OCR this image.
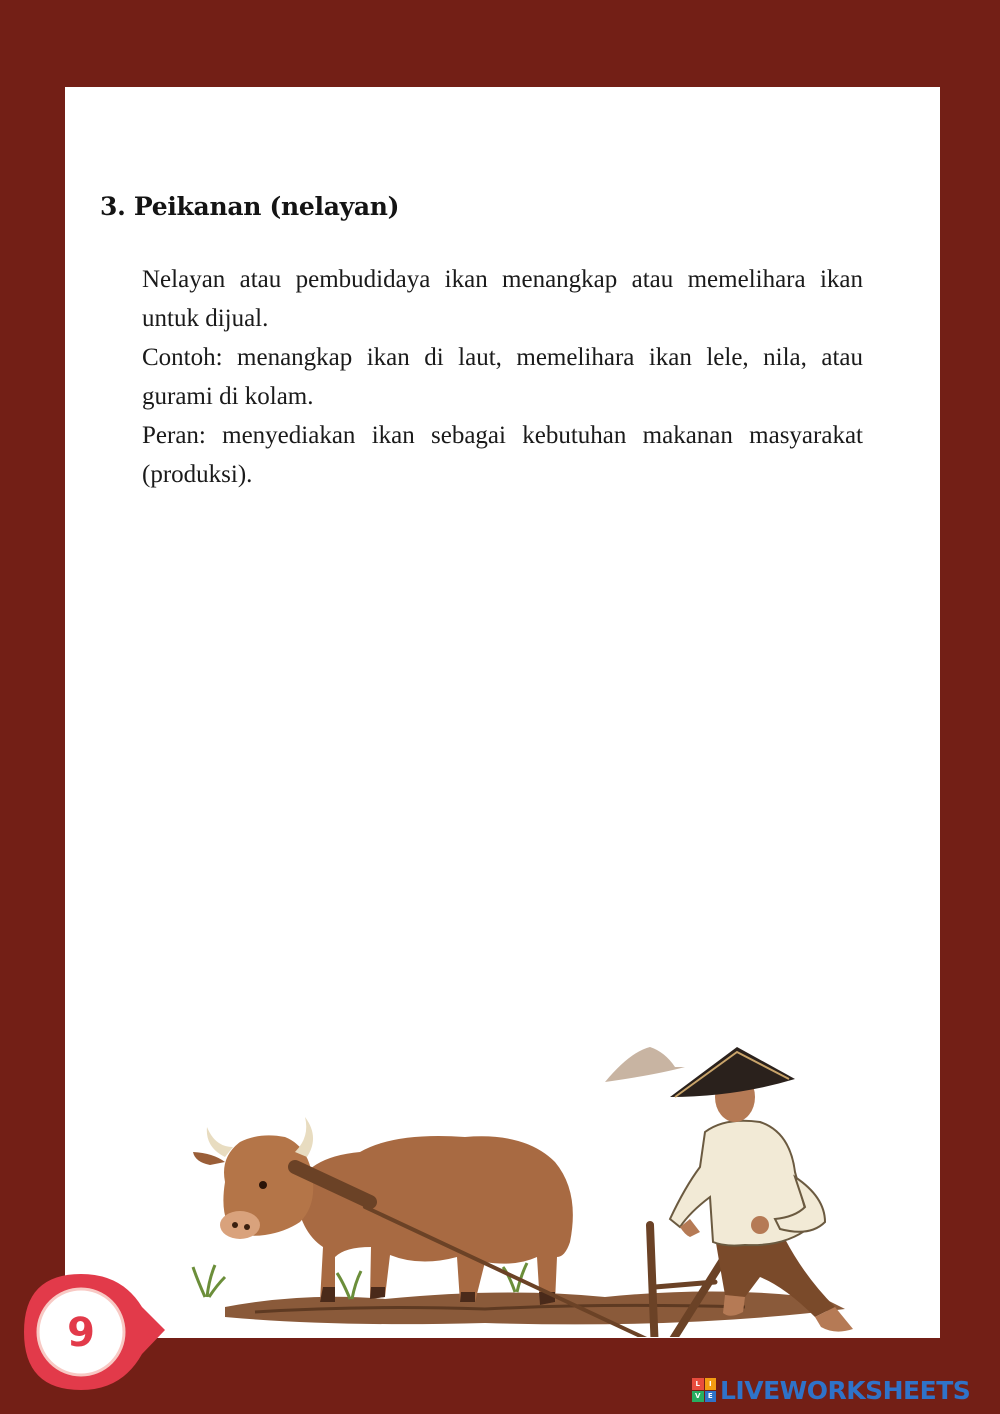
3. Peikanan (nelayan)

Nelayan atau pembudidaya ikan menangkap atau memelihara ikan untuk dijual.

Contoh: menangkap ikan di laut, memelihara ikan lele, nila, atau gurami di kolam.

Peran: menyediakan ikan sebagai kebutuhan makanan masyarakat (produksi).

9
L	I
V	E LIVEWORKSHEETS
